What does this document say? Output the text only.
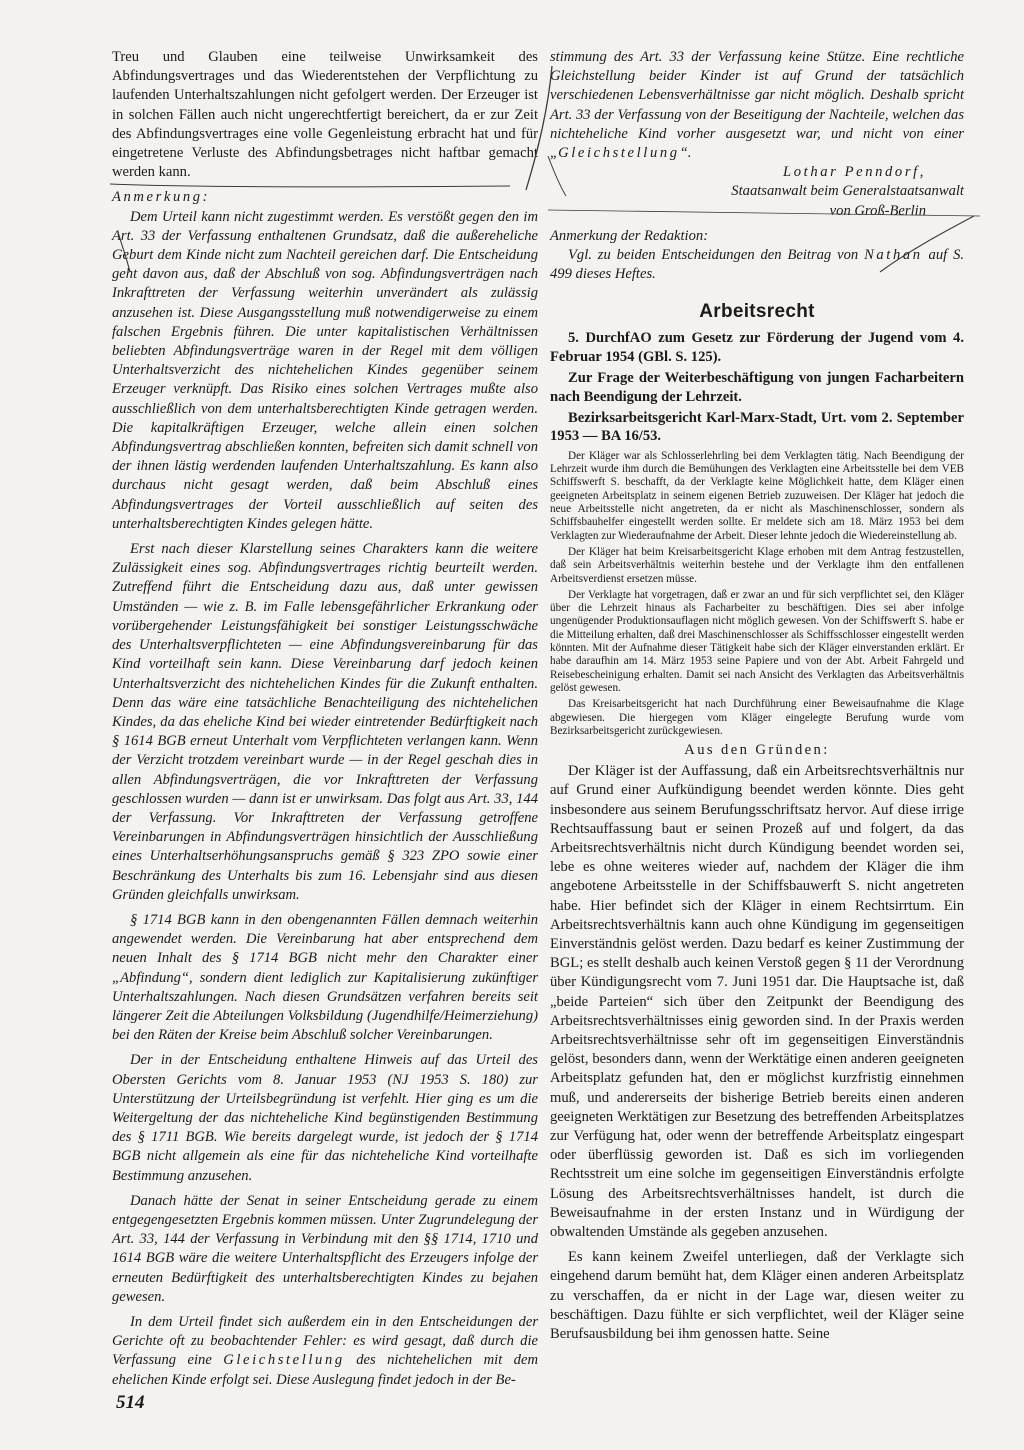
Treu und Glauben eine teilweise Unwirksamkeit des Abfindungsvertrages und das Wiederentstehen der Verpflichtung zu laufenden Unterhaltszahlungen nicht gefolgert werden. Der Erzeuger ist in solchen Fällen auch nicht ungerechtfertigt bereichert, da er zur Zeit des Abfindungsvertrages eine volle Gegenleistung erbracht hat und für eingetretene Verluste des Abfindungsbetrages nicht haftbar gemacht werden kann.

Anmerkung:

Dem Urteil kann nicht zugestimmt werden. Es verstößt gegen den im Art. 33 der Verfassung enthaltenen Grundsatz, daß die außereheliche Geburt dem Kinde nicht zum Nachteil gereichen darf. Die Entscheidung geht davon aus, daß der Abschluß von sog. Abfindungsverträgen nach Inkrafttreten der Verfassung weiterhin unverändert als zulässig anzusehen ist. Diese Ausgangsstellung muß notwendigerweise zu einem falschen Ergebnis führen. Die unter kapitalistischen Verhältnissen beliebten Abfindungsverträge waren in der Regel mit dem völligen Unterhaltsverzicht des nichtehelichen Kindes gegenüber seinem Erzeuger verknüpft. Das Risiko eines solchen Vertrages mußte also ausschließlich von dem unterhaltsberechtigten Kinde getragen werden. Die kapitalkräftigen Erzeuger, welche allein einen solchen Abfindungsvertrag abschließen konnten, befreiten sich damit schnell von der ihnen lästig werdenden laufenden Unterhaltszahlung. Es kann also durchaus nicht gesagt werden, daß beim Abschluß eines Abfindungsvertrages der Vorteil ausschließlich auf seiten des unterhaltsberechtigten Kindes gelegen hätte.

Erst nach dieser Klarstellung seines Charakters kann die weitere Zulässigkeit eines sog. Abfindungsvertrages richtig beurteilt werden. Zutreffend führt die Entscheidung dazu aus, daß unter gewissen Umständen — wie z. B. im Falle lebensgefährlicher Erkrankung oder vorübergehender Leistungsfähigkeit bei sonstiger Leistungsschwäche des Unterhaltsverpflichteten — eine Abfindungsvereinbarung für das Kind vorteilhaft sein kann. Diese Vereinbarung darf jedoch keinen Unterhaltsverzicht des nichtehelichen Kindes für die Zukunft enthalten. Denn das wäre eine tatsächliche Benachteiligung des nichtehelichen Kindes, da das eheliche Kind bei wieder eintretender Bedürftigkeit nach § 1614 BGB erneut Unterhalt vom Verpflichteten verlangen kann. Wenn der Verzicht trotzdem vereinbart wurde — in der Regel geschah dies in allen Abfindungsverträgen, die vor Inkrafttreten der Verfassung geschlossen wurden — dann ist er unwirksam. Das folgt aus Art. 33, 144 der Verfassung. Vor Inkrafttreten der Verfassung getroffene Vereinbarungen in Abfindungsverträgen hinsichtlich der Ausschließung eines Unterhaltserhöhungsanspruchs gemäß § 323 ZPO sowie einer Beschränkung des Unterhalts bis zum 16. Lebensjahr sind aus diesen Gründen gleichfalls unwirksam.

§ 1714 BGB kann in den obengenannten Fällen demnach weiterhin angewendet werden. Die Vereinbarung hat aber entsprechend dem neuen Inhalt des § 1714 BGB nicht mehr den Charakter einer „Abfindung“, sondern dient lediglich zur Kapitalisierung zukünftiger Unterhaltszahlungen. Nach diesen Grundsätzen verfahren bereits seit längerer Zeit die Abteilungen Volksbildung (Jugendhilfe/Heimerziehung) bei den Räten der Kreise beim Abschluß solcher Vereinbarungen.

Der in der Entscheidung enthaltene Hinweis auf das Urteil des Obersten Gerichts vom 8. Januar 1953 (NJ 1953 S. 180) zur Unterstützung der Urteilsbegründung ist verfehlt. Hier ging es um die Weitergeltung der das nichteheliche Kind begünstigenden Bestimmung des § 1711 BGB. Wie bereits dargelegt wurde, ist jedoch der § 1714 BGB nicht allgemein als eine für das nichteheliche Kind vorteilhafte Bestimmung anzusehen.

Danach hätte der Senat in seiner Entscheidung gerade zu einem entgegengesetzten Ergebnis kommen müssen. Unter Zugrundelegung der Art. 33, 144 der Verfassung in Verbindung mit den §§ 1714, 1710 und 1614 BGB wäre die weitere Unterhaltspflicht des Erzeugers infolge der erneuten Bedürftigkeit des unterhaltsberechtigten Kindes zu bejahen gewesen.

In dem Urteil findet sich außerdem ein in den Entscheidungen der Gerichte oft zu beobachtender Fehler: es wird gesagt, daß durch die Verfassung eine Gleichstellung des nichtehelichen mit dem ehelichen Kinde erfolgt sei. Diese Auslegung findet jedoch in der Be-

stimmung des Art. 33 der Verfassung keine Stütze. Eine rechtliche Gleichstellung beider Kinder ist auf Grund der tatsächlich verschiedenen Lebensverhältnisse gar nicht möglich. Deshalb spricht Art. 33 der Verfassung von der Beseitigung der Nachteile, welchen das nichteheliche Kind vorher ausgesetzt war, und nicht von einer „Gleichstellung“.

Lothar Penndorf,
Staatsanwalt beim Generalstaatsanwalt
von Groß-Berlin

Anmerkung der Redaktion:

Vgl. zu beiden Entscheidungen den Beitrag von Nathan auf S. 499 dieses Heftes.

Arbeitsrecht

5. DurchfAO zum Gesetz zur Förderung der Jugend vom 4. Februar 1954 (GBl. S. 125).

Zur Frage der Weiterbeschäftigung von jungen Facharbeitern nach Beendigung der Lehrzeit.

Bezirksarbeitsgericht Karl-Marx-Stadt, Urt. vom 2. September 1953 — BA 16/53.

Der Kläger war als Schlosserlehrling bei dem Verklagten tätig. Nach Beendigung der Lehrzeit wurde ihm durch die Bemühungen des Verklagten eine Arbeitsstelle bei dem VEB Schiffswerft S. beschafft, da der Verklagte keine Möglichkeit hatte, dem Kläger einen geeigneten Arbeitsplatz in seinem eigenen Betrieb zuzuweisen. Der Kläger hat jedoch die neue Arbeitsstelle nicht angetreten, da er nicht als Maschinenschlosser, sondern als Schiffsbauhelfer eingestellt werden sollte. Er meldete sich am 18. März 1953 bei dem Verklagten zur Wiederaufnahme der Arbeit. Dieser lehnte jedoch die Wiedereinstellung ab.

Der Kläger hat beim Kreisarbeitsgericht Klage erhoben mit dem Antrag festzustellen, daß sein Arbeitsverhältnis weiterhin bestehe und der Verklagte ihm den entfallenen Arbeitsverdienst ersetzen müsse.

Der Verklagte hat vorgetragen, daß er zwar an und für sich verpflichtet sei, den Kläger über die Lehrzeit hinaus als Facharbeiter zu beschäftigen. Dies sei aber infolge ungenügender Produktionsauflagen nicht möglich gewesen. Von der Schiffswerft S. habe er die Mitteilung erhalten, daß drei Maschinenschlosser als Schiffsschlosser eingestellt werden könnten. Mit der Aufnahme dieser Tätigkeit habe sich der Kläger einverstanden erklärt. Er habe daraufhin am 14. März 1953 seine Papiere und von der Abt. Arbeit Fahrgeld und Reisebescheinigung erhalten. Damit sei nach Ansicht des Verklagten das Arbeitsverhältnis gelöst gewesen.

Das Kreisarbeitsgericht hat nach Durchführung einer Beweisaufnahme die Klage abgewiesen. Die hiergegen vom Kläger eingelegte Berufung wurde vom Bezirksarbeitsgericht zurückgewiesen.

Aus den Gründen:

Der Kläger ist der Auffassung, daß ein Arbeitsrechtsverhältnis nur auf Grund einer Aufkündigung beendet werden könnte. Dies geht insbesondere aus seinem Berufungsschriftsatz hervor. Auf diese irrige Rechtsauffassung baut er seinen Prozeß auf und folgert, da das Arbeitsrechtsverhältnis nicht durch Kündigung beendet worden sei, lebe es ohne weiteres wieder auf, nachdem der Kläger die ihm angebotene Arbeitsstelle in der Schiffsbauwerft S. nicht angetreten habe. Hier befindet sich der Kläger in einem Rechtsirrtum. Ein Arbeitsrechtsverhältnis kann auch ohne Kündigung im gegenseitigen Einverständnis gelöst werden. Dazu bedarf es keiner Zustimmung der BGL; es stellt deshalb auch keinen Verstoß gegen § 11 der Verordnung über Kündigungsrecht vom 7. Juni 1951 dar. Die Hauptsache ist, daß „beide Parteien“ sich über den Zeitpunkt der Beendigung des Arbeitsrechtsverhältnisses einig geworden sind. In der Praxis werden Arbeitsrechtsverhältnisse sehr oft im gegenseitigen Einverständnis gelöst, besonders dann, wenn der Werktätige einen anderen geeigneten Arbeitsplatz gefunden hat, den er möglichst kurzfristig einnehmen muß, und andererseits der bisherige Betrieb bereits einen anderen geeigneten Werktätigen zur Besetzung des betreffenden Arbeitsplatzes zur Verfügung hat, oder wenn der betreffende Arbeitsplatz eingespart oder überflüssig geworden ist. Daß es sich im vorliegenden Rechtsstreit um eine solche im gegenseitigen Einverständnis erfolgte Lösung des Arbeitsrechtsverhältnisses handelt, ist durch die Beweisaufnahme in der ersten Instanz und in Würdigung der obwaltenden Umstände als gegeben anzusehen.

Es kann keinem Zweifel unterliegen, daß der Verklagte sich eingehend darum bemüht hat, dem Kläger einen anderen Arbeitsplatz zu verschaffen, da er nicht in der Lage war, diesen weiter zu beschäftigen. Dazu fühlte er sich verpflichtet, weil der Kläger seine Berufsausbildung bei ihm genossen hatte. Seine

514
